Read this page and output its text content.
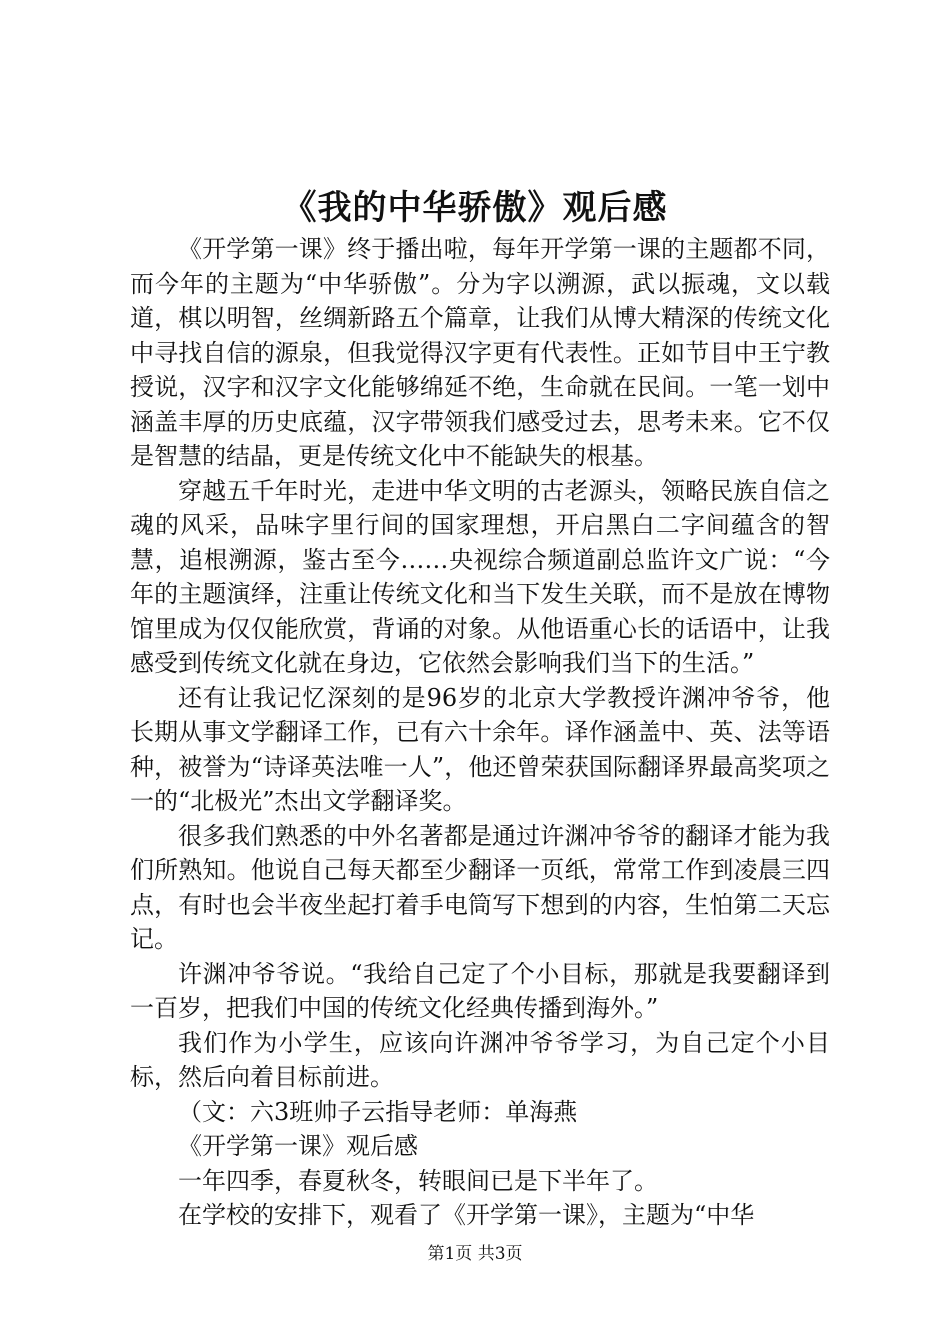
《我的中华骄傲》观后感

《开学第一课》终于播出啦，每年开学第一课的主题都不同，而今年的主题为“中华骄傲”。分为字以溯源，武以振魂，文以载道，棋以明智，丝绸新路五个篇章，让我们从博大精深的传统文化中寻找自信的源泉，但我觉得汉字更有代表性。正如节目中王宁教授说，汉字和汉字文化能够绵延不绝，生命就在民间。一笔一划中涵盖丰厚的历史底蕴，汉字带领我们感受过去，思考未来。它不仅是智慧的结晶，更是传统文化中不能缺失的根基。

穿越五千年时光，走进中华文明的古老源头，领略民族自信之魂的风采，品味字里行间的国家理想，开启黑白二字间蕴含的智慧，追根溯源，鉴古至今……央视综合频道副总监许文广说：“今年的主题演绎，注重让传统文化和当下发生关联，而不是放在博物馆里成为仅仅能欣赏，背诵的对象。从他语重心长的话语中，让我感受到传统文化就在身边，它依然会影响我们当下的生活。”

还有让我记忆深刻的是96岁的北京大学教授许渊冲爷爷，他长期从事文学翻译工作，已有六十余年。译作涵盖中、英、法等语种，被誉为“诗译英法唯一人”，他还曾荣获国际翻译界最高奖项之一的“北极光”杰出文学翻译奖。

很多我们熟悉的中外名著都是通过许渊冲爷爷的翻译才能为我们所熟知。他说自己每天都至少翻译一页纸，常常工作到凌晨三四点，有时也会半夜坐起打着手电筒写下想到的内容，生怕第二天忘记。

许渊冲爷爷说。“我给自己定了个小目标，那就是我要翻译到一百岁，把我们中国的传统文化经典传播到海外。”

我们作为小学生，应该向许渊冲爷爷学习，为自己定个小目标，然后向着目标前进。

（文：六3班帅子云指导老师：单海燕

《开学第一课》观后感

一年四季，春夏秋冬，转眼间已是下半年了。

在学校的安排下，观看了《开学第一课》，主题为“中华

第1页 共3页
